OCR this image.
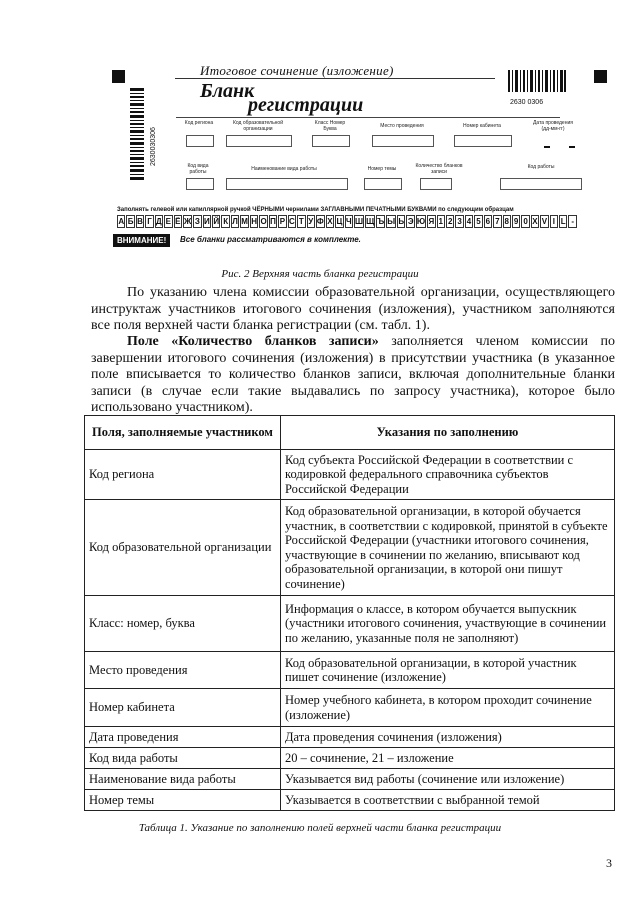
Итоговое сочинение (изложение)
Бланк
регистрации
2630030306
2630 0306
Код региона	Код образовательной организации
Класс Номер Буква	Место проведения	Номер кабинета	Дата проведения (дд-мм-гг)
Код вида работы	Наименование вида работы	Номер темы	Количество бланков записи
Код работы
Заполнять гелевой или капиллярной ручкой ЧЁРНЫМИ чернилами ЗАГЛАВНЫМИ ПЕЧАТНЫМИ БУКВАМИ по следующим образцам
А Б В Г Д Е Ё Ж З И Й К Л М Н О П Р С Т У Ф Х Ц Ч Ш Щ Ъ Ы Ь Э Ю Я 1 2 3 4 5 6 7 8 9 0 X V I L -
ВНИМАНИЕ!	Все бланки рассматриваются в комплекте.
Рис. 2 Верхняя часть бланка регистрации
По указанию члена комиссии образовательной организации, осуществляющего инструктаж участников итогового сочинения (изложения), участником заполняются все поля верхней части бланка регистрации (см. табл. 1).
Поле «Количество бланков записи» заполняется членом комиссии по завершении итогового сочинения (изложения) в присутствии участника (в указанное поле вписывается то количество бланков записи, включая дополнительные бланки записи (в случае если такие выдавались по запросу участника), которое было использовано участником).
Поля, заполняемые участником	Указания по заполнению
Код региона	Код субъекта Российской Федерации в соответствии с кодировкой федерального справочника субъектов Российской Федерации
Код образовательной организации	Код образовательной организации, в которой обучается участник, в соответствии с кодировкой, принятой в субъекте Российской Федерации (участники итогового сочинения, участвующие в сочинении по желанию, вписывают код образовательной организации, в которой они пишут сочинение)
Класс: номер, буква	Информация о классе, в котором обучается выпускник (участники итогового сочинения, участвующие в сочинении по желанию, указанные поля не заполняют)
Место проведения	Код образовательной организации, в которой участник пишет сочинение (изложение)
Номер кабинета	Номер учебного кабинета, в котором проходит сочинение (изложение)
Дата проведения	Дата проведения сочинения (изложения)
Код вида работы	20 – сочинение, 21 – изложение
Наименование вида работы	Указывается вид работы (сочинение или изложение)
Номер темы	Указывается в соответствии с выбранной темой
Таблица 1. Указание по заполнению полей верхней части бланка регистрации
3
